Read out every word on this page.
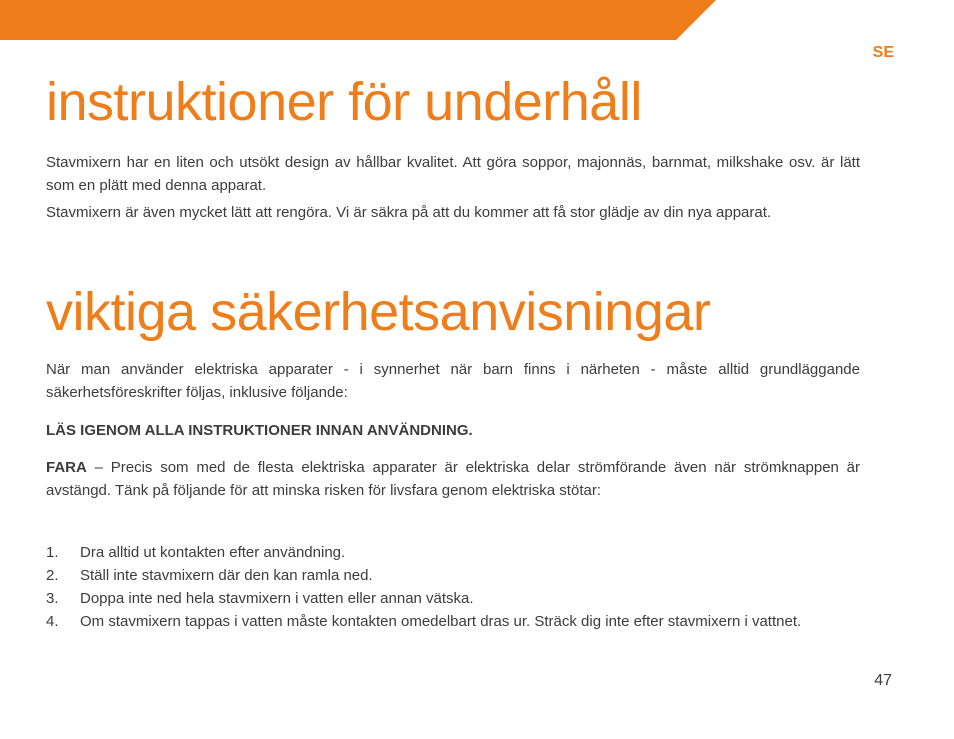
SE
instruktioner för underhåll

Stavmixern har en liten och utsökt design av hållbar kvalitet. Att göra soppor, majonnäs, barnmat, milkshake osv. är lätt som en plätt med denna apparat.

Stavmixern är även mycket lätt att rengöra. Vi är säkra på att du kommer att få stor glädje av din nya apparat.

viktiga säkerhetsanvisningar

När man använder elektriska apparater - i synnerhet när barn finns i närheten - måste alltid grundläggande säkerhetsföreskrifter följas, inklusive följande:

LÄS IGENOM ALLA INSTRUKTIONER INNAN ANVÄNDNING.

FARA – Precis som med de flesta elektriska apparater är elektriska delar strömförande även när strömknappen är avstängd. Tänk på följande för att minska risken för livsfara genom elektriska stötar:

1. Dra alltid ut kontakten efter användning.
2. Ställ inte stavmixern där den kan ramla ned.
3. Doppa inte ned hela stavmixern i vatten eller annan vätska.
4. Om stavmixern tappas i vatten måste kontakten omedelbart dras ur. Sträck dig inte efter stavmixern i vattnet.
47
